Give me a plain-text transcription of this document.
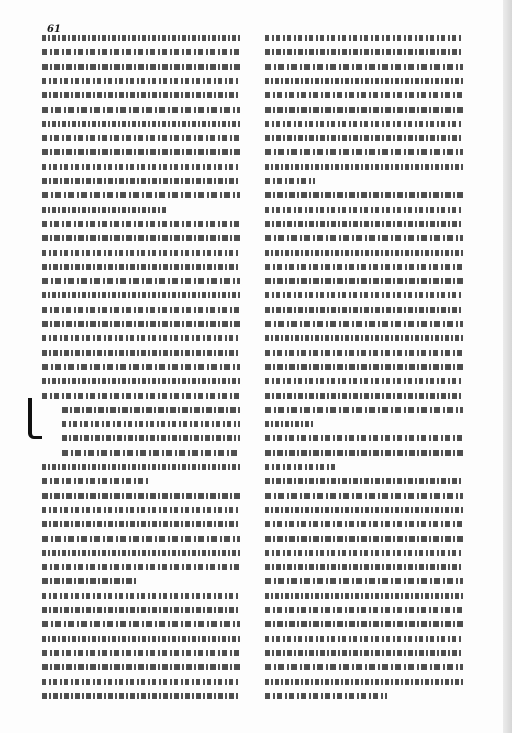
61
